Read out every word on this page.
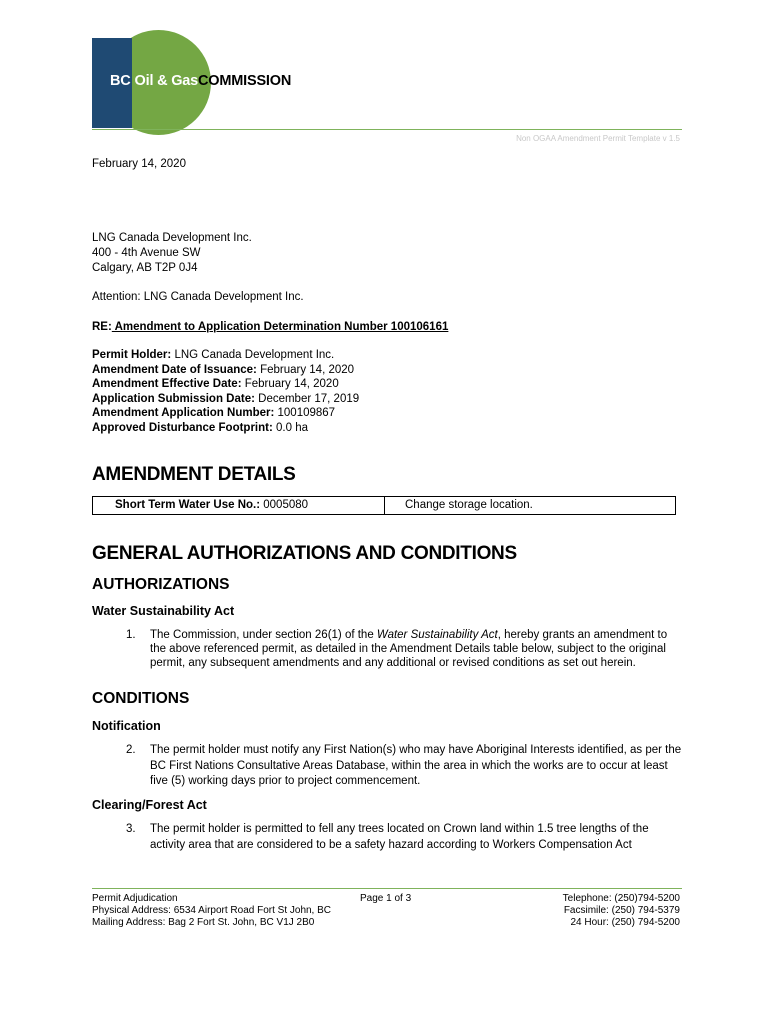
BC Oil & GasCOMMISSION
Non OGAA Amendment Permit Template v 1.5
February 14, 2020
LNG Canada Development Inc.
400 - 4th Avenue SW
Calgary, AB T2P 0J4
Attention: LNG Canada Development Inc.
RE: Amendment to Application Determination Number 100106161
Permit Holder: LNG Canada Development Inc.
Amendment Date of Issuance: February 14, 2020
Amendment Effective Date: February 14, 2020
Application Submission Date: December 17, 2019
Amendment Application Number: 100109867
Approved Disturbance Footprint: 0.0 ha
AMENDMENT DETAILS
Short Term Water Use No.: 0005080	Change storage location.
GENERAL AUTHORIZATIONS AND CONDITIONS
AUTHORIZATIONS
Water Sustainability Act
1.	The Commission, under section 26(1) of the Water Sustainability Act, hereby grants an amendment to the above referenced permit, as detailed in the Amendment Details table below, subject to the original permit, any subsequent amendments and any additional or revised conditions as set out herein.
CONDITIONS
Notification
2.	The permit holder must notify any First Nation(s) who may have Aboriginal Interests identified, as per the BC First Nations Consultative Areas Database, within the area in which the works are to occur at least five (5) working days prior to project commencement.
Clearing/Forest Act
3.	The permit holder is permitted to fell any trees located on Crown land within 1.5 tree lengths of the activity area that are considered to be a safety hazard according to Workers Compensation Act
Permit Adjudication
Physical Address: 6534 Airport Road Fort St John, BC
Mailing Address: Bag 2 Fort St. John, BC V1J 2B0
Page 1 of 3	Telephone: (250)794-5200
Facsimile: (250) 794-5379
24 Hour: (250) 794-5200
